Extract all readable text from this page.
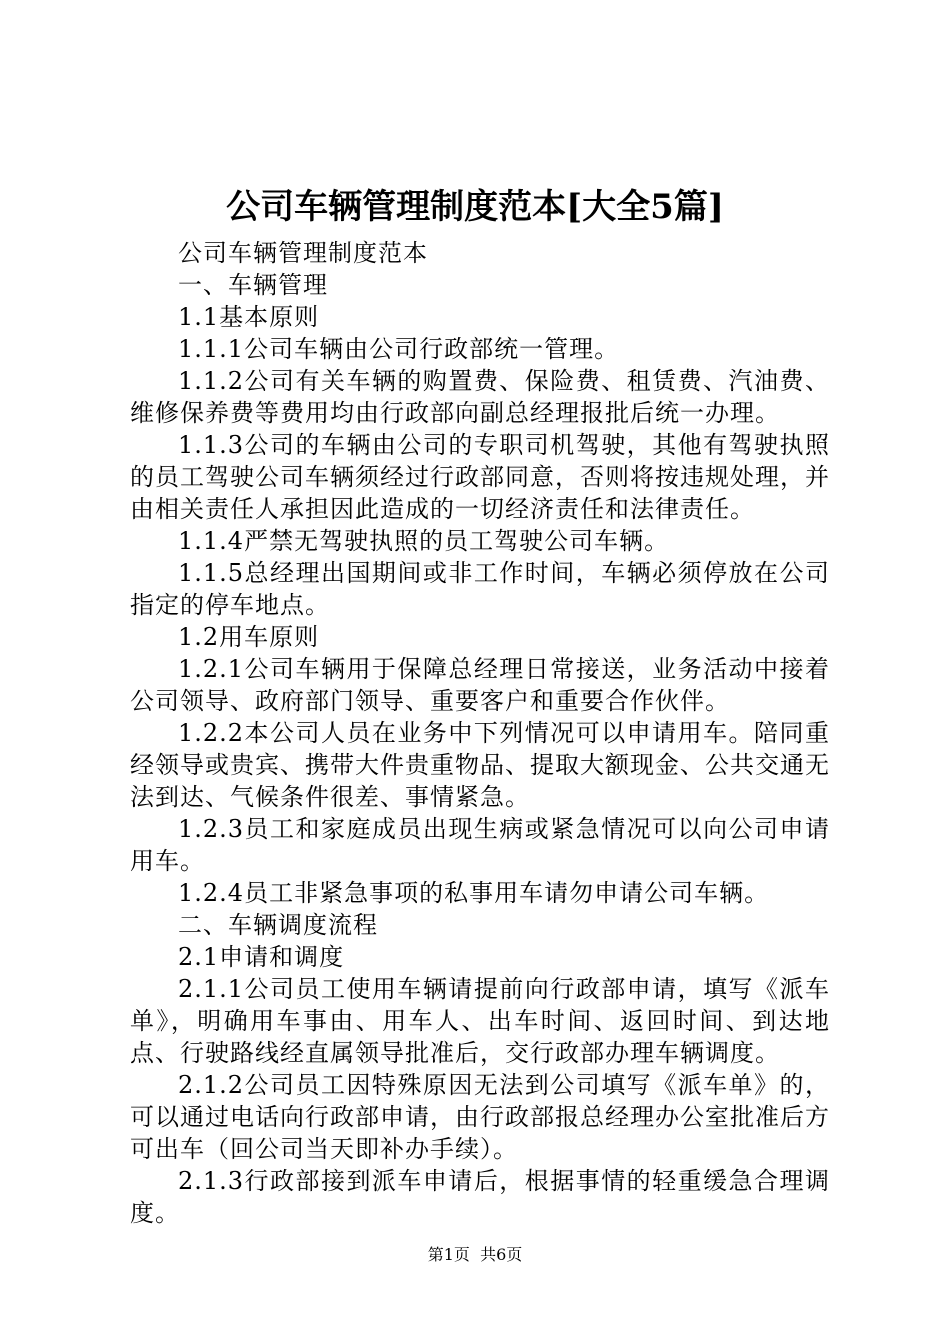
公司车辆管理制度范本[大全5篇]

公司车辆管理制度范本

一、车辆管理

1.1基本原则

1.1.1公司车辆由公司行政部统一管理。

1.1.2公司有关车辆的购置费、保险费、租赁费、汽油费、维修保养费等费用均由行政部向副总经理报批后统一办理。

1.1.3公司的车辆由公司的专职司机驾驶，其他有驾驶执照的员工驾驶公司车辆须经过行政部同意，否则将按违规处理，并由相关责任人承担因此造成的一切经济责任和法律责任。

1.1.4严禁无驾驶执照的员工驾驶公司车辆。

1.1.5总经理出国期间或非工作时间，车辆必须停放在公司指定的停车地点。

1.2用车原则

1.2.1公司车辆用于保障总经理日常接送，业务活动中接着公司领导、政府部门领导、重要客户和重要合作伙伴。

1.2.2本公司人员在业务中下列情况可以申请用车。陪同重经领导或贵宾、携带大件贵重物品、提取大额现金、公共交通无法到达、气候条件很差、事情紧急。

1.2.3员工和家庭成员出现生病或紧急情况可以向公司申请用车。

1.2.4员工非紧急事项的私事用车请勿申请公司车辆。

二、车辆调度流程

2.1申请和调度

2.1.1公司员工使用车辆请提前向行政部申请，填写《派车单》，明确用车事由、用车人、出车时间、返回时间、到达地点、行驶路线经直属领导批准后，交行政部办理车辆调度。

2.1.2公司员工因特殊原因无法到公司填写《派车单》的，可以通过电话向行政部申请，由行政部报总经理办公室批准后方可出车（回公司当天即补办手续）。

2.1.3行政部接到派车申请后，根据事情的轻重缓急合理调度。

第1页  共6页
